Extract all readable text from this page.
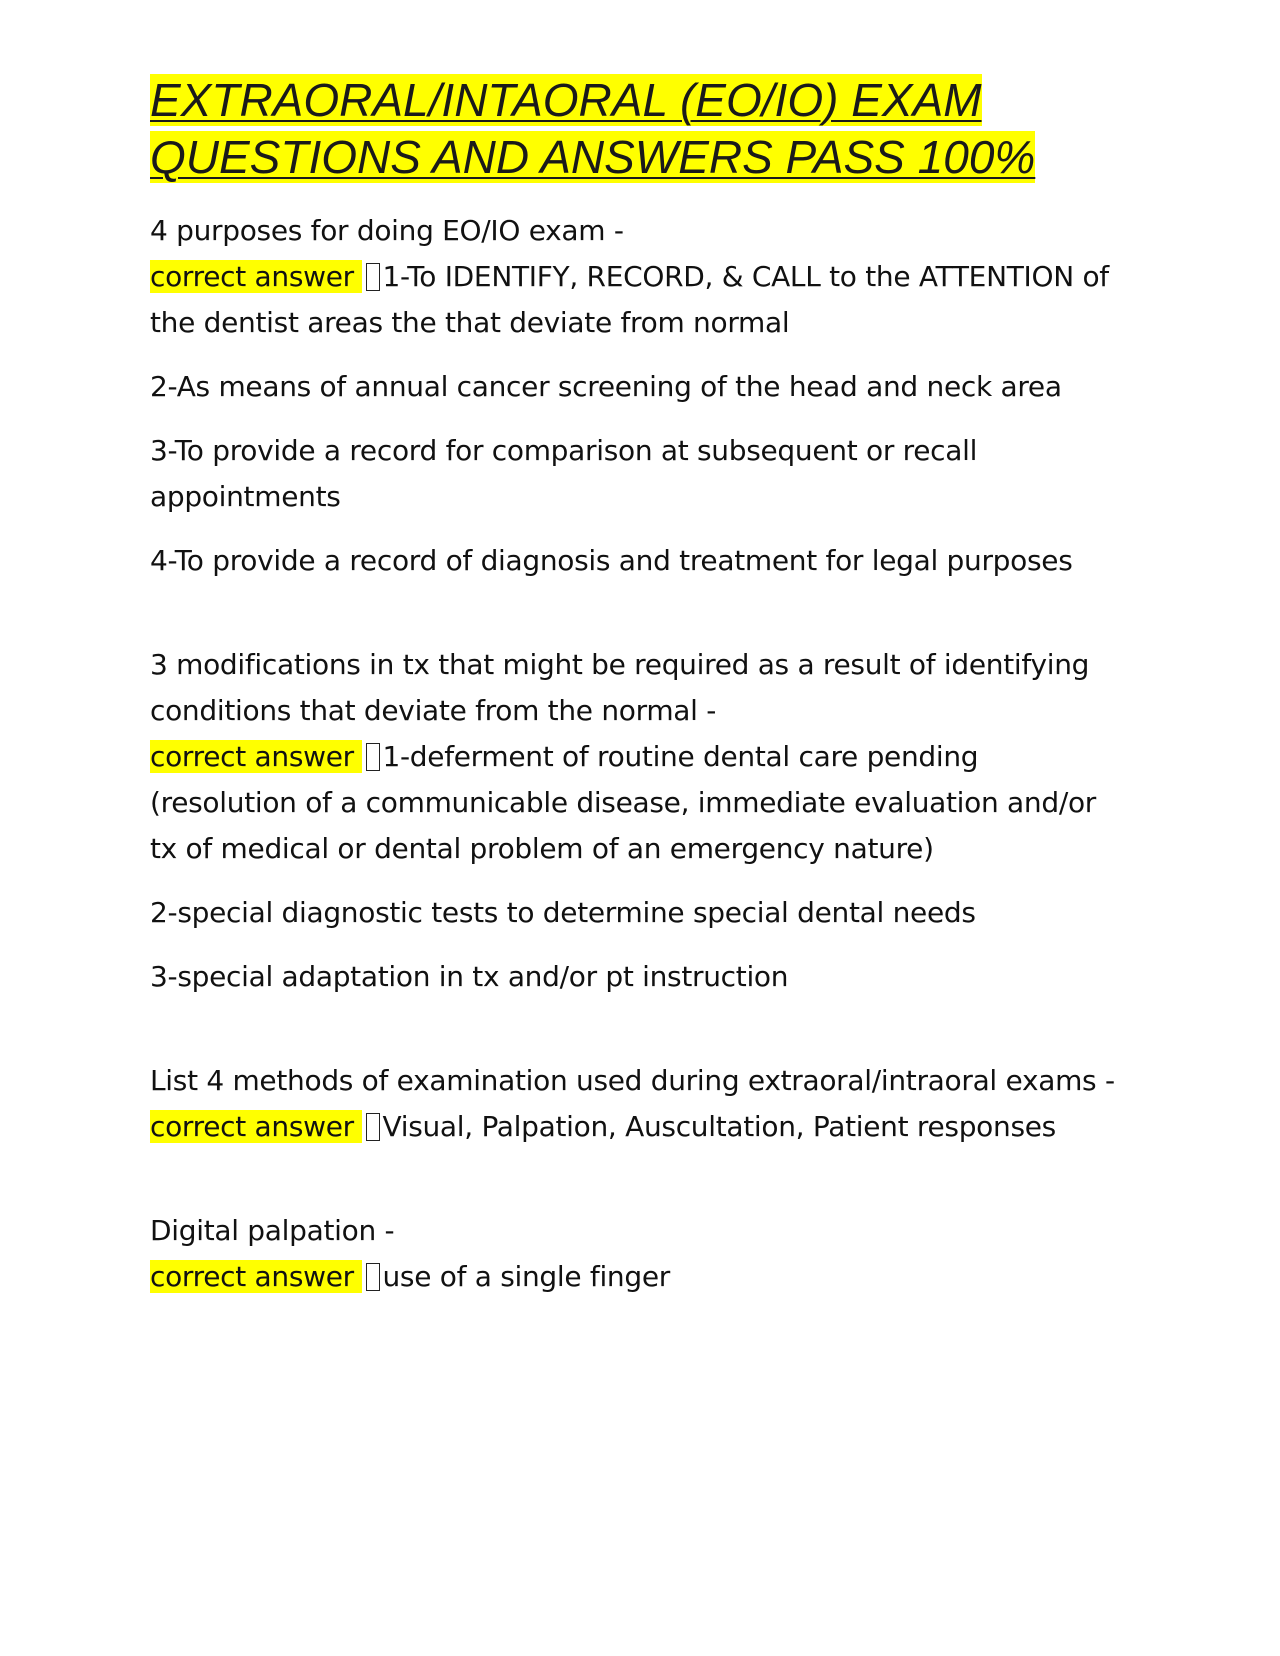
EXTRAORAL/INTAORAL (EO/IO) EXAM
QUESTIONS AND ANSWERS PASS 100%

4 purposes for doing EO/IO exam -
correct answer 1-To IDENTIFY, RECORD, & CALL to the ATTENTION of the dentist areas the that deviate from normal

2-As means of annual cancer screening of the head and neck area

3-To provide a record for comparison at subsequent or recall appointments

4-To provide a record of diagnosis and treatment for legal purposes

3 modifications in tx that might be required as a result of identifying conditions that deviate from the normal -
correct answer 1-deferment of routine dental care pending (resolution of a communicable disease, immediate evaluation and/or tx of medical or dental problem of an emergency nature)

2-special diagnostic tests to determine special dental needs

3-special adaptation in tx and/or pt instruction

List 4 methods of examination used during extraoral/intraoral exams -
correct answer Visual, Palpation, Auscultation, Patient responses

Digital palpation -
correct answer use of a single finger
